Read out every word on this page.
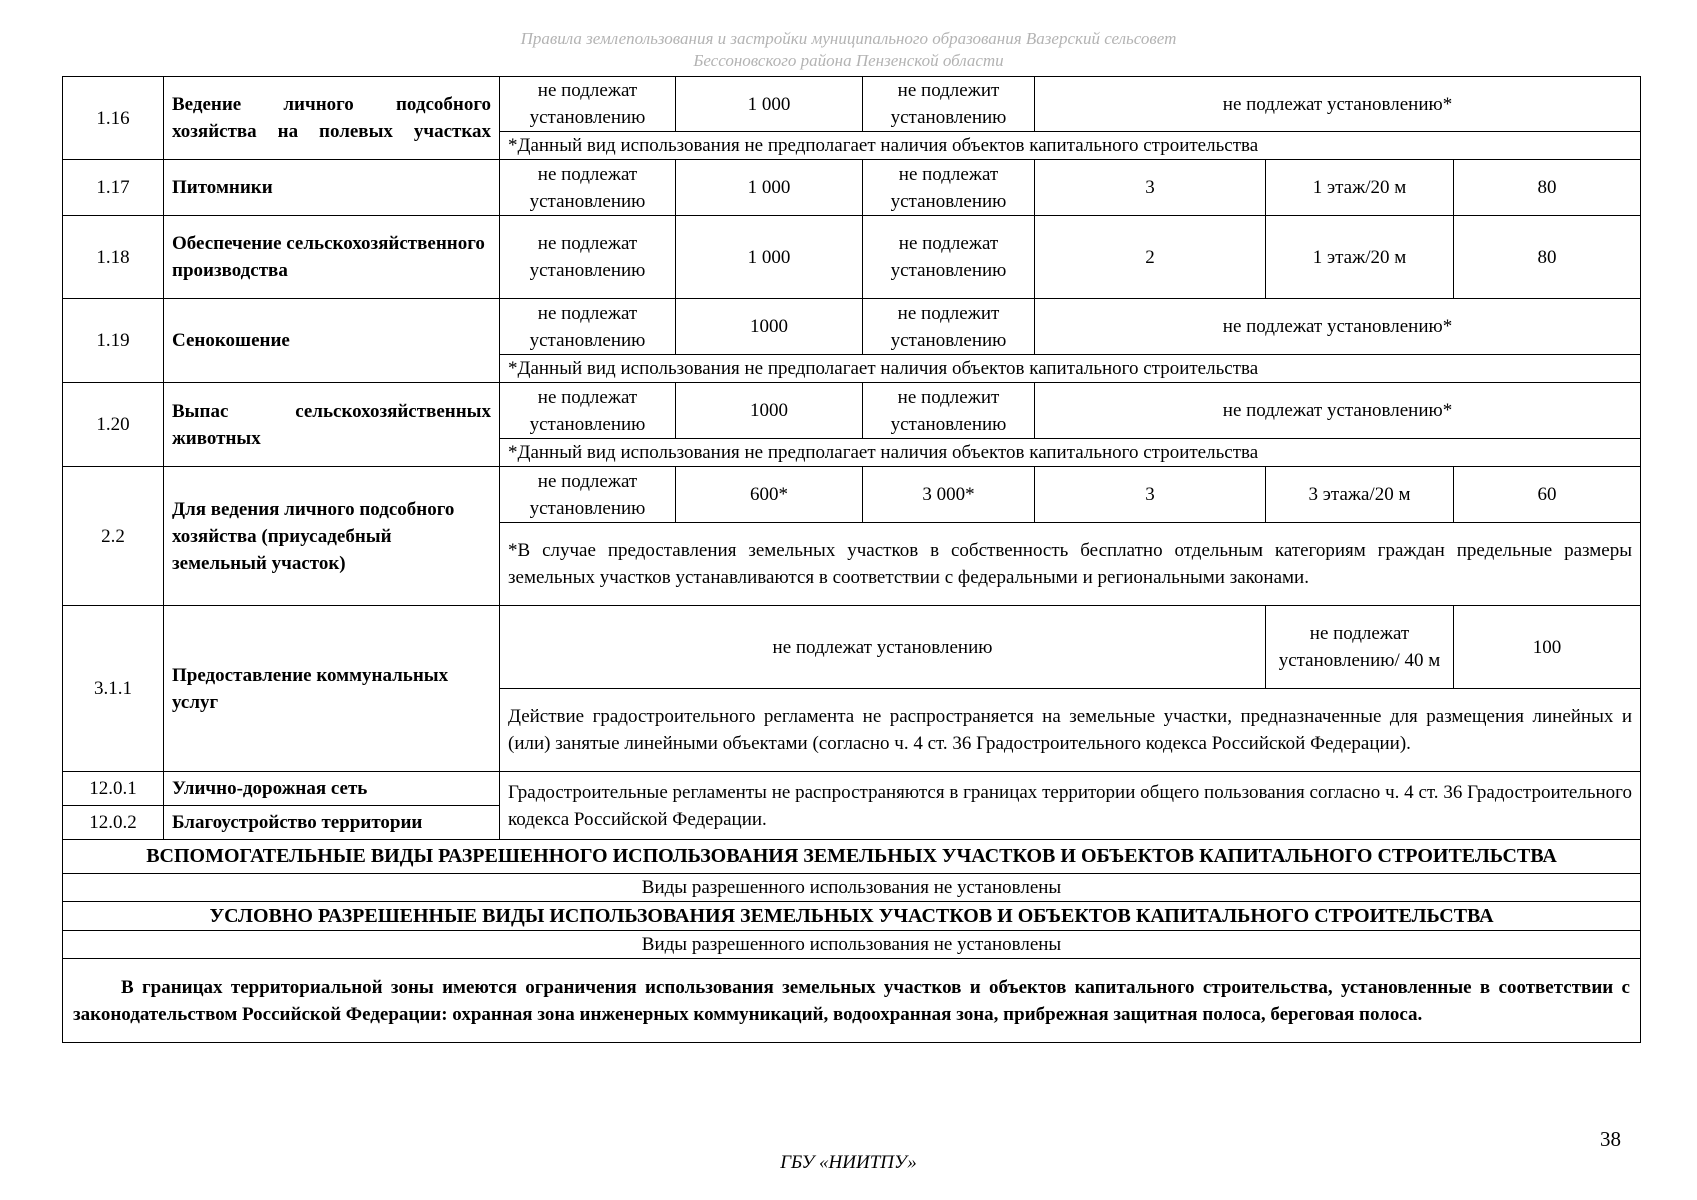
Правила землепользования и застройки муниципального образования Вазерский сельсовет
Бессоновского района Пензенской области
1.16	Ведение личного подсобного хозяйства на полевых участках	не подлежат установлению	1 000	не подлежит установлению	не подлежат установлению*		
		*Данный вид использования не предполагает наличия объектов капитального строительства					
1.17	Питомники	не подлежат установлению	1 000	не подлежат установлению	3	1 этаж/20 м	80
1.18	Обеспечение сельскохозяйственного производства	не подлежат установлению	1 000	не подлежат установлению	2	1 этаж/20 м	80
1.19	Сенокошение	не подлежат установлению	1000	не подлежит установлению	не подлежат установлению*		
		*Данный вид использования не предполагает наличия объектов капитального строительства					
1.20	Выпас сельскохозяйственных животных	не подлежат установлению	1000	не подлежит установлению	не подлежат установлению*		
		*Данный вид использования не предполагает наличия объектов капитального строительства					
2.2	Для ведения личного подсобного хозяйства (приусадебный земельный участок)	не подлежат установлению	600*	3 000*	3	3 этажа/20 м	60
		*В случае предоставления земельных участков в собственность бесплатно отдельным категориям граждан предельные размеры земельных участков устанавливаются в соответствии с федеральными и региональными законами.					
3.1.1	Предоставление коммунальных услуг	не подлежат установлению				не подлежат установлению/ 40 м	100
		Действие градостроительного регламента не распространяется на земельные участки, предназначенные для размещения линейных и (или) занятые линейными объектами (согласно ч. 4 ст. 36 Градостроительного кодекса Российской Федерации).					
12.0.1	Улично-дорожная сеть	Градостроительные регламенты не распространяются в границах территории общего пользования согласно ч. 4 ст. 36 Градостроительного кодекса Российской Федерации.					
12.0.2	Благоустройство территории						
ВСПОМОГАТЕЛЬНЫЕ ВИДЫ РАЗРЕШЕННОГО ИСПОЛЬЗОВАНИЯ ЗЕМЕЛЬНЫХ УЧАСТКОВ И ОБЪЕКТОВ КАПИТАЛЬНОГО СТРОИТЕЛЬСТВА							
Виды разрешенного использования не установлены							
УСЛОВНО РАЗРЕШЕННЫЕ ВИДЫ ИСПОЛЬЗОВАНИЯ ЗЕМЕЛЬНЫХ УЧАСТКОВ И ОБЪЕКТОВ КАПИТАЛЬНОГО СТРОИТЕЛЬСТВА							
Виды разрешенного использования не установлены							
В границах территориальной зоны имеются ограничения использования земельных участков и объектов капитального строительства, установленные в соответствии с законодательством Российской Федерации: охранная зона инженерных коммуникаций, водоохранная зона, прибрежная защитная полоса, береговая полоса.							
38
ГБУ «НИИТПУ»
